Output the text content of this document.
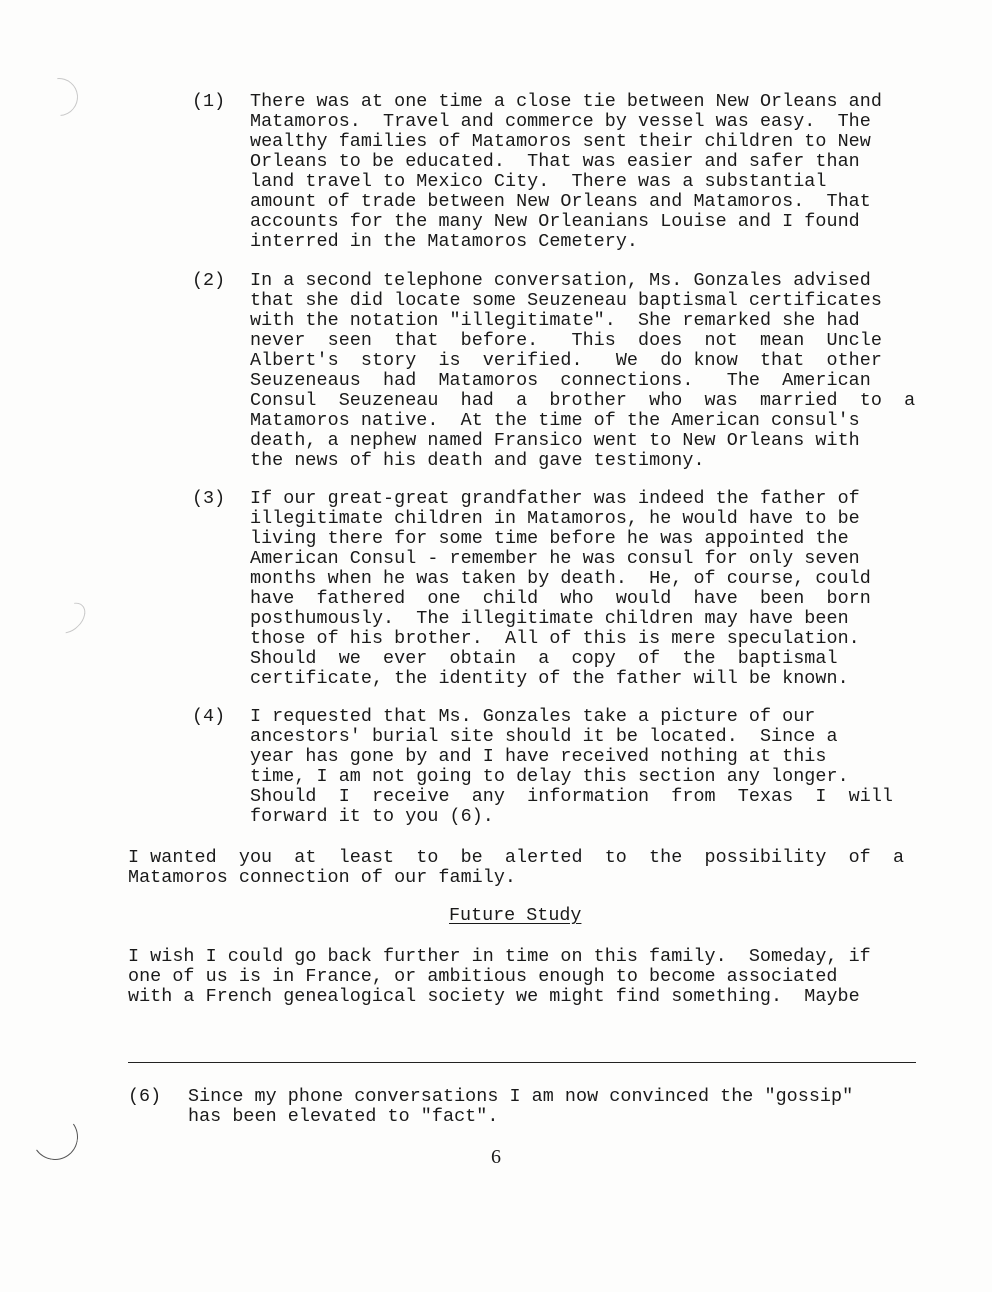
(1) There was at one time a close tie between New Orleans and
Matamoros.  Travel and commerce by vessel was easy.  The
wealthy families of Matamoros sent their children to New
Orleans to be educated.  That was easier and safer than
land travel to Mexico City.  There was a substantial
amount of trade between New Orleans and Matamoros.  That
accounts for the many New Orleanians Louise and I found
interred in the Matamoros Cemetery.
(2) In a second telephone conversation, Ms. Gonzales advised
that she did locate some Seuzeneau baptismal certificates
with the notation "illegitimate".  She remarked she had
never  seen  that  before.   This  does  not  mean  Uncle
Albert's  story  is  verified.   We  do know  that  other
Seuzeneaus  had  Matamoros  connections.   The  American
Consul  Seuzeneau  had  a  brother  who  was  married  to  a
Matamoros native.  At the time of the American consul's
death, a nephew named Fransico went to New Orleans with
the news of his death and gave testimony.
(3) If our great-great grandfather was indeed the father of
illegitimate children in Matamoros, he would have to be
living there for some time before he was appointed the
American Consul - remember he was consul for only seven
months when he was taken by death.  He, of course, could
have  fathered  one  child  who  would  have  been  born
posthumously.  The illegitimate children may have been
those of his brother.  All of this is mere speculation.
Should  we  ever  obtain  a  copy  of  the  baptismal
certificate, the identity of the father will be known.
(4) I requested that Ms. Gonzales take a picture of our
ancestors' burial site should it be located.  Since a
year has gone by and I have received nothing at this
time, I am not going to delay this section any longer.
Should  I  receive  any  information  from  Texas  I  will
forward it to you (6).
I wanted  you  at  least  to  be  alerted  to  the  possibility  of  a
Matamoros connection of our family.
Future Study
I wish I could go back further in time on this family.  Someday, if
one of us is in France, or ambitious enough to become associated
with a French genealogical society we might find something.  Maybe
(6) Since my phone conversations I am now convinced the "gossip"
has been elevated to "fact".
6
